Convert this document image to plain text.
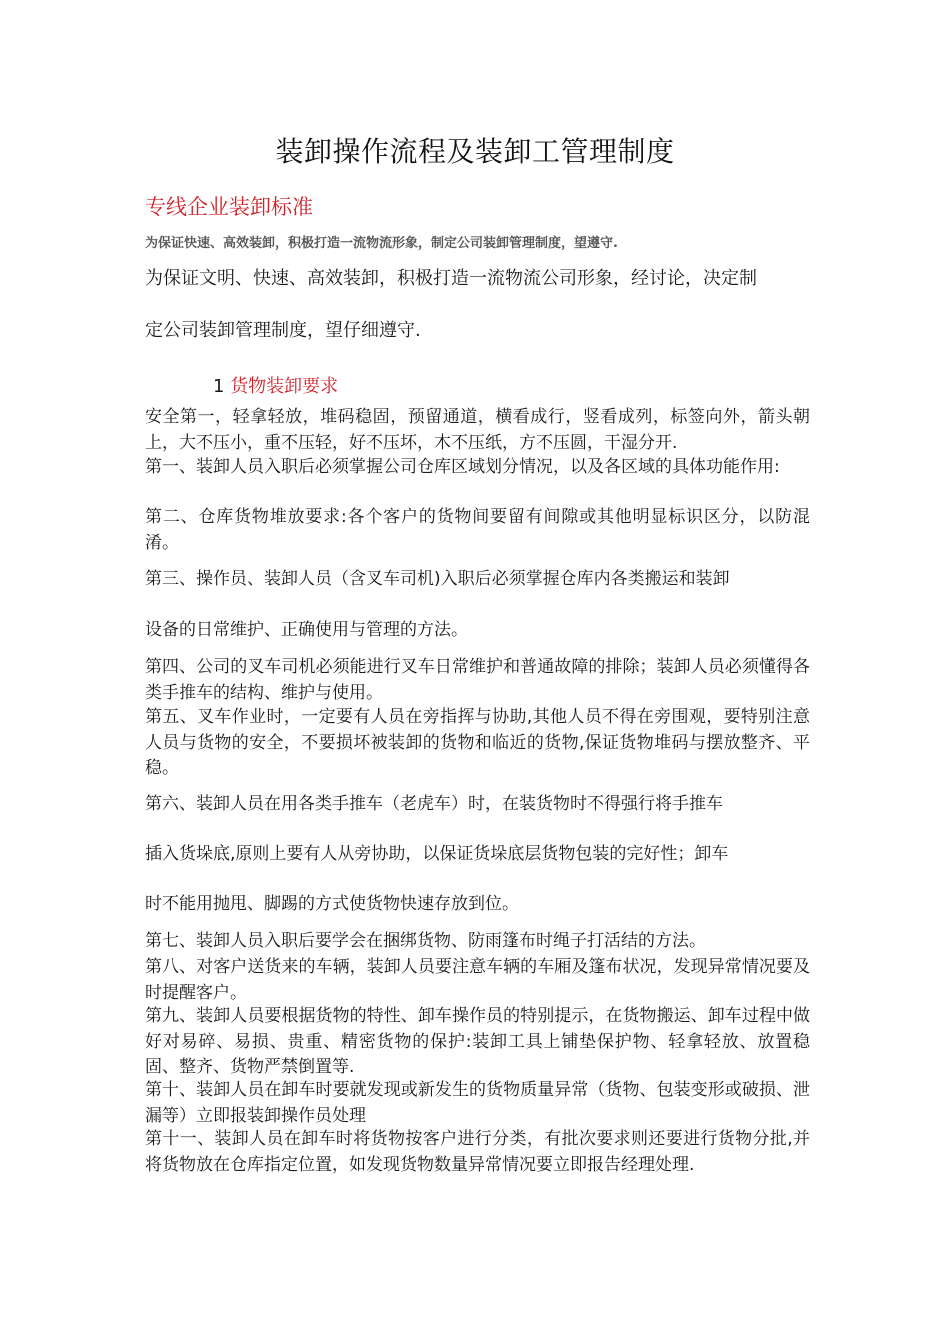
装卸操作流程及装卸工管理制度
专线企业装卸标准
为保证快速、高效装卸，积极打造一流物流形象，制定公司装卸管理制度，望遵守.
为保证文明、快速、高效装卸，积极打造一流物流公司形象，经讨论，决定制
定公司装卸管理制度，望仔细遵守.
1 货物装卸要求

安全第一，轻拿轻放，堆码稳固，预留通道，横看成行，竖看成列，标签向外，箭头朝上，大不压小，重不压轻，好不压坏，木不压纸，方不压圆，干湿分开.

第一、装卸人员入职后必须掌握公司仓库区域划分情况，以及各区域的具体功能作用:

第二、仓库货物堆放要求:各个客户的货物间要留有间隙或其他明显标识区分，以防混淆。

第三、操作员、装卸人员（含叉车司机)入职后必须掌握仓库内各类搬运和装卸
设备的日常维护、正确使用与管理的方法。

第四、公司的叉车司机必须能进行叉车日常维护和普通故障的排除；装卸人员必须懂得各类手推车的结构、维护与使用。

第五、叉车作业时，一定要有人员在旁指挥与协助,其他人员不得在旁围观，要特别注意人员与货物的安全，不要损坏被装卸的货物和临近的货物,保证货物堆码与摆放整齐、平稳。

第六、装卸人员在用各类手推车（老虎车）时，在装货物时不得强行将手推车
插入货垛底,原则上要有人从旁协助，以保证货垛底层货物包装的完好性；卸车
时不能用抛甩、脚踢的方式使货物快速存放到位。

第七、装卸人员入职后要学会在捆绑货物、防雨篷布时绳子打活结的方法。

第八、对客户送货来的车辆，装卸人员要注意车辆的车厢及篷布状况，发现异常情况要及时提醒客户。

第九、装卸人员要根据货物的特性、卸车操作员的特别提示，在货物搬运、卸车过程中做好对易碎、易损、贵重、精密货物的保护:装卸工具上铺垫保护物、轻拿轻放、放置稳固、整齐、货物严禁倒置等.

第十、装卸人员在卸车时要就发现或新发生的货物质量异常（货物、包装变形或破损、泄漏等）立即报装卸操作员处理

第十一、装卸人员在卸车时将货物按客户进行分类，有批次要求则还要进行货物分批,并将货物放在仓库指定位置，如发现货物数量异常情况要立即报告经理处理.
